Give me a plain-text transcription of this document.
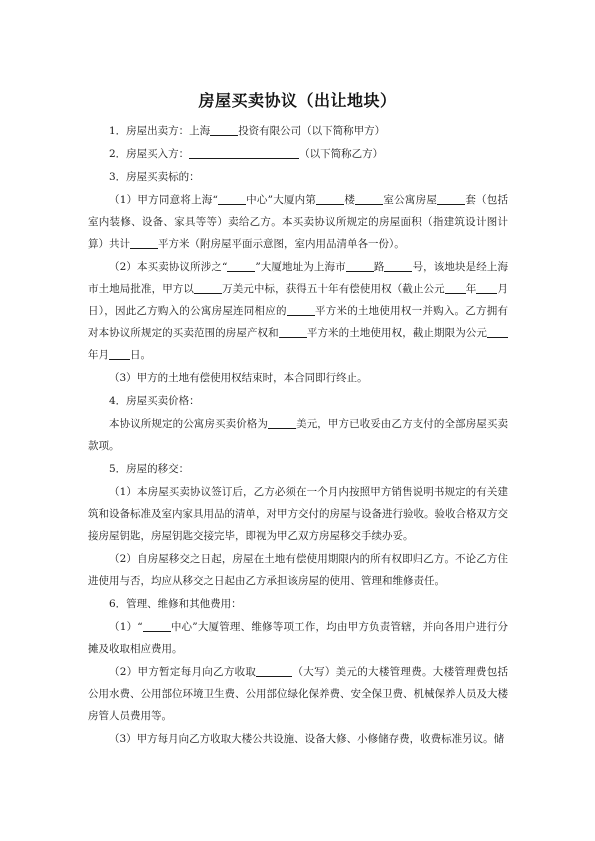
房屋买卖协议（出让地块）

1．房屋出卖方：上海	投资有限公司（以下简称甲方）

2．房屋买入方：	（以下简称乙方）

3．房屋买卖标的：

（1）甲方同意将上海“	中心”大厦内第	楼	室公寓房屋	套（包括室内装修、设备、家具等等）卖给乙方。本买卖协议所规定的房屋面积（指建筑设计图计算）共计	平方米（附房屋平面示意图，室内用品清单各一份）。

（2）本买卖协议所涉之“	”大厦地址为上海市	路	号，该地块是经上海市土地局批准，甲方以	万美元中标，获得五十年有偿使用权（截止公元 年 月日），因此乙方购入的公寓房屋连同相应的	平方米的土地使用权一并购入。乙方拥有对本协议所规定的买卖范围的房屋产权和	平方米的土地使用权，截止期限为公元年月 日。

（3）甲方的土地有偿使用权结束时，本合同即行终止。

4．房屋买卖价格：

本协议所规定的公寓房买卖价格为	美元，甲方已收妥由乙方支付的全部房屋买卖款项。

5．房屋的移交：

（1）本房屋买卖协议签订后，乙方必须在一个月内按照甲方销售说明书规定的有关建筑和设备标准及室内家具用品的清单，对甲方交付的房屋与设备进行验收。验收合格双方交接房屋钥匙，房屋钥匙交接完毕，即视为甲乙双方房屋移交手续办妥。

（2）自房屋移交之日起，房屋在土地有偿使用期限内的所有权即归乙方。不论乙方住进使用与否，均应从移交之日起由乙方承担该房屋的使用、管理和维修责任。

6．管理、维修和其他费用：

（1）“	中心”大厦管理、维修等项工作，均由甲方负责管辖，并向各用户进行分摊及收取相应费用。

（2）甲方暂定每月向乙方收取	（大写）美元的大楼管理费。大楼管理费包括公用水费、公用部位环境卫生费、公用部位绿化保养费、安全保卫费、机械保养人员及大楼房管人员费用等。

（3）甲方每月向乙方收取大楼公共设施、设备大修、小修储存费，收费标准另议。储
